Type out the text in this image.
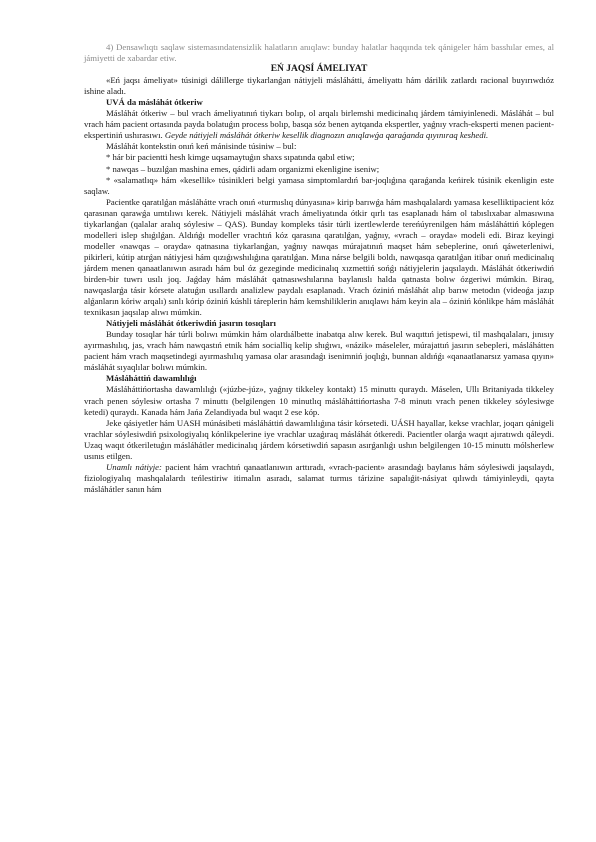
​

4) Densawlıqtı saqlaw sistemasındatensizlik halatların anıqlaw: bunday halatlar haqqında tek qánigeler hám basshılar emes, al jámiyetti de xabardar etiw.

EŃ JAQSÍ ÁMELIYAT

«Eń jaqsı ámeliyat» túsinigi dálillerge tiykarlanǵan nátiyjeli másláhátti, ámeliyattı hám dárilik zatlardı racional buyırıwdıóz ishine aladı.

UVÁ da másláhát ótkeriw

Másláhát ótkeriw – bul vrach ámeliyatınıń tiykarı bolıp, ol arqalı birlemshi medicinalıq járdem támiyinlenedi. Másláhát – bul vrach hám pacient ortasında payda bolatuǵın process bolıp, basqa sóz benen aytqanda ekspertler, yaǵnıy vrach-eksperti menen pacient-ekspertiniń ushırasıwı. Geyde nátiyjeli másláhát ótkeriw kesellik diagnozın anıqlawǵa qaraǵanda qıyınıraq keshedi.

Másláhát kontekstin onıń keń mánisinde túsiniw – bul:

* hár bir pacientti hesh kimge uqsamaytuǵın shaxs sıpatında qabıl etiw;

* nawqas – buzılǵan mashina emes, qádirli adam organizmi ekenligine iseniw;

* «salamatlıq» hám «kesellik» túsinikleri belgi yamasa simptomlardıń bar-joqlıǵına qaraǵanda keńirek túsinik ekenligin este saqlaw.

Pacientke qaratılǵan másláhátte vrach onıń «turmıslıq dúnyasına» kirip barıwǵa hám mashqalalardı yamasa keselliktipacient kóz qarasınan qarawǵa umtılıwı kerek. Nátiyjeli másláhát vrach ámeliyatında ótkir qırlı tas esaplanadı hám ol tabıslıxabar almasıwına tiykarlanǵan (qalalar aralıq sóylesiw – QAS). Bunday kompleks tásir túrli izertlewlerde tereńúyrenilgen hám másláháttiń kóplegen modelleri islep shıǵılǵan. Aldıńǵı modeller vrachtıń kóz qarasına qaratılǵan, yaǵnıy, «vrach – orayda» modeli edi. Biraz keyingi modeller «nawqas – orayda» qatnasına tiykarlanǵan, yaǵnıy nawqas múrajatınıń maqset hám sebeplerine, onıń qáweterleniwi, pikirleri, kútip atırǵan nátiyjesi hám qızıǵıwshılıǵına qaratılǵan. Mına nárse belgili boldı, nawqasqa qaratılǵan itibar onıń medicinalıq járdem menen qanaatlanıwın asıradı hám bul óz gezeginde medicinalıq xızmettiń sońǵı nátiyjelerin jaqsılaydı. Másláhát ótkeriwdiń birden-bir tuwrı usılı joq. Jaǵday hám másláhát qatnasıwshılarına baylanıslı halda qatnasta bolıw ózgeriwi múmkin. Biraq, nawqaslarǵa tásir kórsete alatuǵın usıllardı analizlew paydalı esaplanadı. Vrach óziniń másláhát alıp barıw metodın (videoǵa jazıp alǵanların kóriw arqalı) sınlı kórip óziniń kúshli táreplerin hám kemshiliklerin anıqlawı hám keyin ala – óziniń kónlikpe hám másláhát texnikasın jaqsılap alıwı múmkin.

Nátiyjeli másláhát ótkeriwdiń jasırın tosıqları

Bunday tosıqlar hár túrli bolıwı múmkin hám olardıálbette inabatqa alıw kerek. Bul waqıttıń jetispewi, til mashqalaları, jınısıy ayırmashılıq, jas, vrach hám nawqastıń etnik hám socialliq kelip shıǵıwı, «názik» máseleler, múrajattıń jasırın sebepleri, másláhátten pacient hám vrach maqsetindegi ayırmashılıq yamasa olar arasındaǵı isenimniń joqlıǵı, bunnan aldıńǵı «qanaatlanarsız yamasa qıyın» másláhát sıyaqlılar bolıwı múmkin.

Másláháttiń dawamlılıǵı

Másláháttińortasha dawamlılıǵı («júzbe-júz», yaǵnıy tikkeley kontakt) 15 minuttı quraydı. Máselen, Ullı Britaniyada tikkeley vrach penen sóylesiw ortasha 7 minuttı (belgilengen 10 minutlıq másláháttińortasha 7-8 minutı vrach penen tikkeley sóylesiwge ketedi) quraydı. Kanada hám Jańa Zelandiyada bul waqıt 2 ese kóp.

Jeke qásiyetler hám UASH múnásibeti másláháttiń dawamlılıǵına tásir kórsetedi. UÁSH hayallar, kekse vrachlar, joqarı qánigeli vrachlar sóylesiwdiń psixologiyalıq kónlikpelerine iye vrachlar uzaǵıraq másláhát ótkeredi. Pacientler olarǵa waqıt ajıratıwdı qáleydi. Uzaq waqıt ótkeriletuǵın másláhátler medicinalıq járdem kórsetiwdiń sapasın asırǵanlıǵı ushın belgilengen 10-15 minuttı mólsherlew usınıs etilgen.

Unamlı nátiyje: pacient hám vrachtıń qanaatlanıwın arttıradı, «vrach-pacient» arasındaǵı baylanıs hám sóylesiwdi jaqsılaydı, fiziologiyalıq mashqalalardı teńlestiriw itimalın asıradı, salamat turmıs tárizine sapalıǵit-násiyat qılıwdı támiyinleydi, qayta másláhátler sanın hám
